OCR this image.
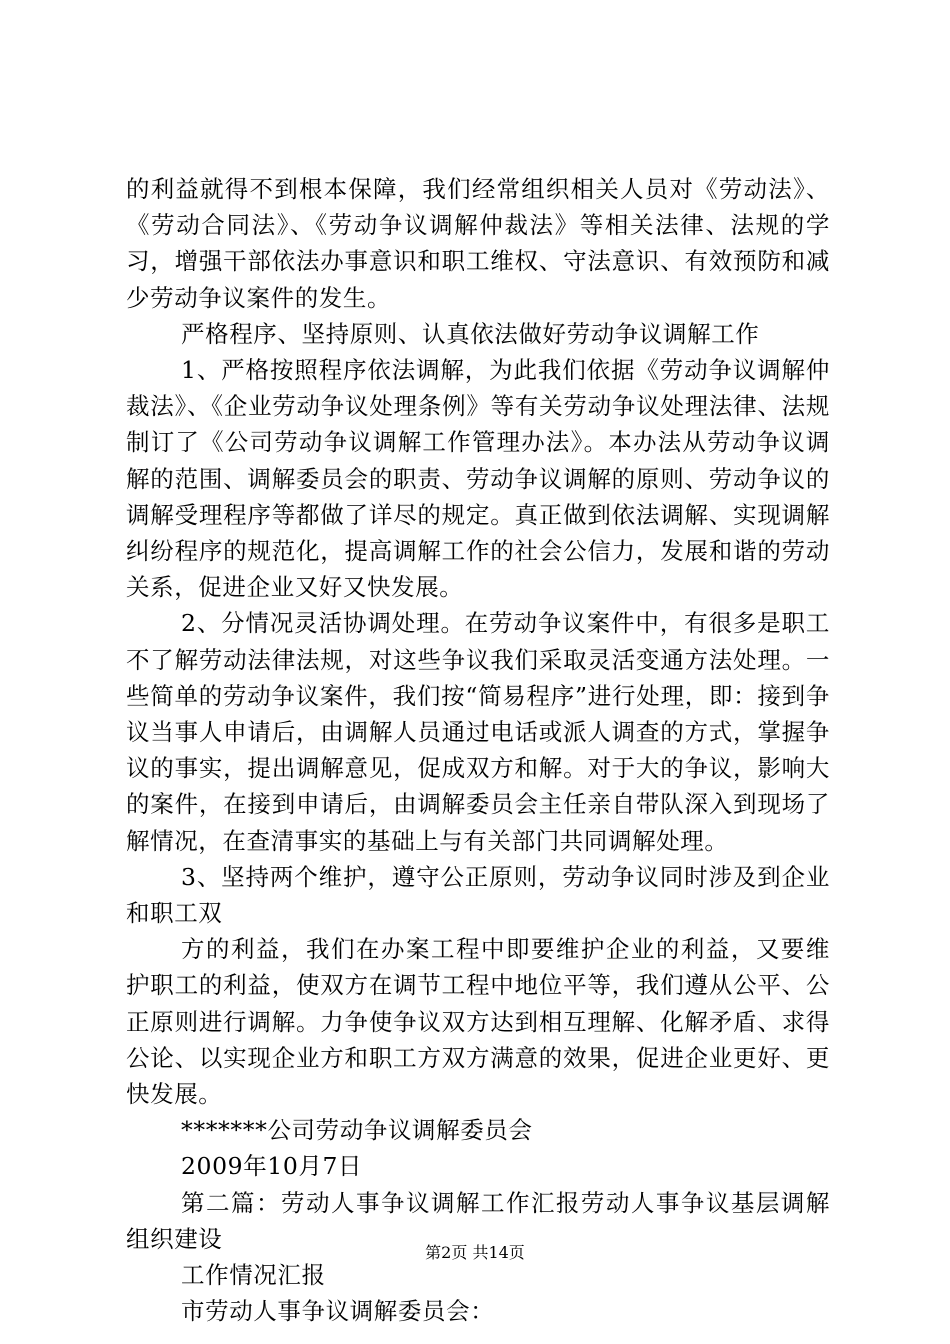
的利益就得不到根本保障，我们经常组织相关人员对《劳动法》、《劳动合同法》、《劳动争议调解仲裁法》等相关法律、法规的学习，增强干部依法办事意识和职工维权、守法意识、有效预防和减少劳动争议案件的发生。

严格程序、坚持原则、认真依法做好劳动争议调解工作

1、严格按照程序依法调解，为此我们依据《劳动争议调解仲裁法》、《企业劳动争议处理条例》等有关劳动争议处理法律、法规制订了《公司劳动争议调解工作管理办法》。本办法从劳动争议调解的范围、调解委员会的职责、劳动争议调解的原则、劳动争议的调解受理程序等都做了详尽的规定。真正做到依法调解、实现调解纠纷程序的规范化，提高调解工作的社会公信力，发展和谐的劳动关系，促进企业又好又快发展。

2、分情况灵活协调处理。在劳动争议案件中，有很多是职工不了解劳动法律法规，对这些争议我们采取灵活变通方法处理。一些简单的劳动争议案件，我们按“简易程序”进行处理，即：接到争议当事人申请后，由调解人员通过电话或派人调查的方式，掌握争议的事实，提出调解意见，促成双方和解。对于大的争议，影响大的案件，在接到申请后，由调解委员会主任亲自带队深入到现场了解情况，在查清事实的基础上与有关部门共同调解处理。

3、坚持两个维护，遵守公正原则，劳动争议同时涉及到企业和职工双

方的利益，我们在办案工程中即要维护企业的利益，又要维护职工的利益，使双方在调节工程中地位平等，我们遵从公平、公正原则进行调解。力争使争议双方达到相互理解、化解矛盾、求得公论、以实现企业方和职工方双方满意的效果，促进企业更好、更快发展。

*******公司劳动争议调解委员会

2009年10月7日

第二篇：劳动人事争议调解工作汇报劳动人事争议基层调解组织建设

工作情况汇报

市劳动人事争议调解委员会：

第2页 共14页
